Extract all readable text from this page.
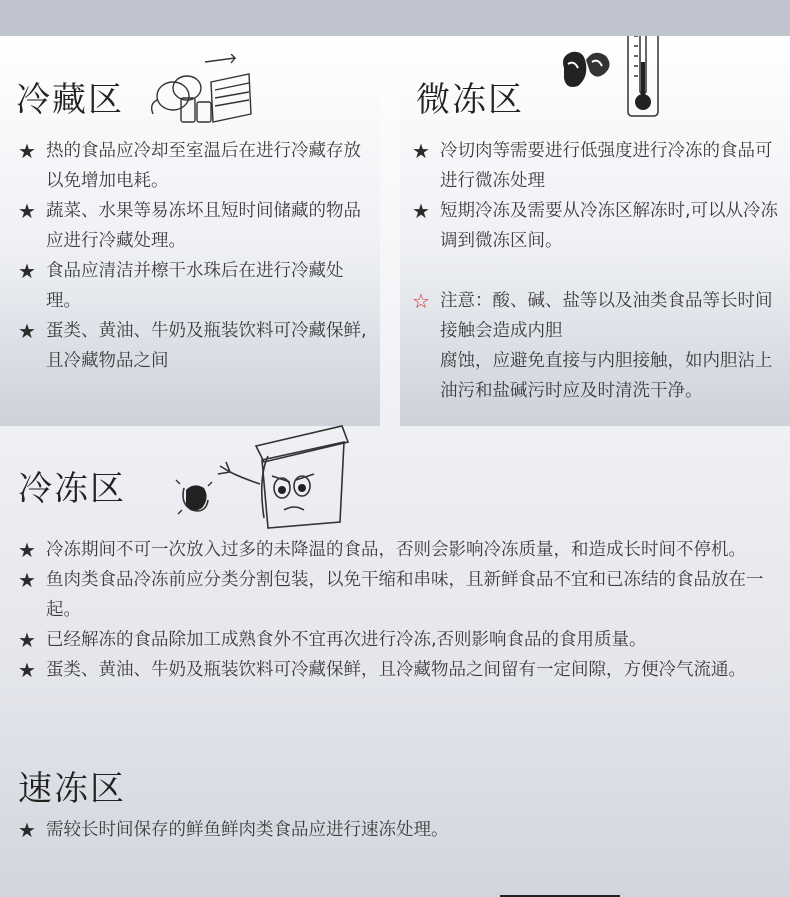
冷藏区
★ 热的食品应冷却至室温后在进行冷藏存放 以免增加电耗。
★ 蔬菜、水果等易冻坏且短时间储藏的物品应进行冷藏处理。
★ 食品应清洁并檫干水珠后在进行冷藏处理。
★ 蛋类、黄油、牛奶及瓶装饮料可冷藏保鲜,且冷藏物品之间
微冻区
★ 冷切肉等需要进行低强度进行冷冻的食品可进行微冻处理
★ 短期冷冻及需要从冷冻区解冻时,可以从冷冻调到微冻区间。
☆ 注意：酸、碱、盐等以及油类食品等长时间接触会造成内胆
腐蚀，应避免直接与内胆接触，如内胆沾上油污和盐碱污时应及时清洗干净。
冷冻区
★ 冷冻期间不可一次放入过多的未降温的食品，否则会影响冷冻质量，和造成长时间不停机。
★ 鱼肉类食品冷冻前应分类分割包装，以免干缩和串味，且新鲜食品不宜和已冻结的食品放在一起。
★ 已经解冻的食品除加工成熟食外不宜再次进行冷冻,否则影响食品的食用质量。
★ 蛋类、黄油、牛奶及瓶装饮料可冷藏保鲜，且冷藏物品之间留有一定间隙，方便冷气流通。
速冻区
★ 需较长时间保存的鲜鱼鲜肉类食品应进行速冻处理。
